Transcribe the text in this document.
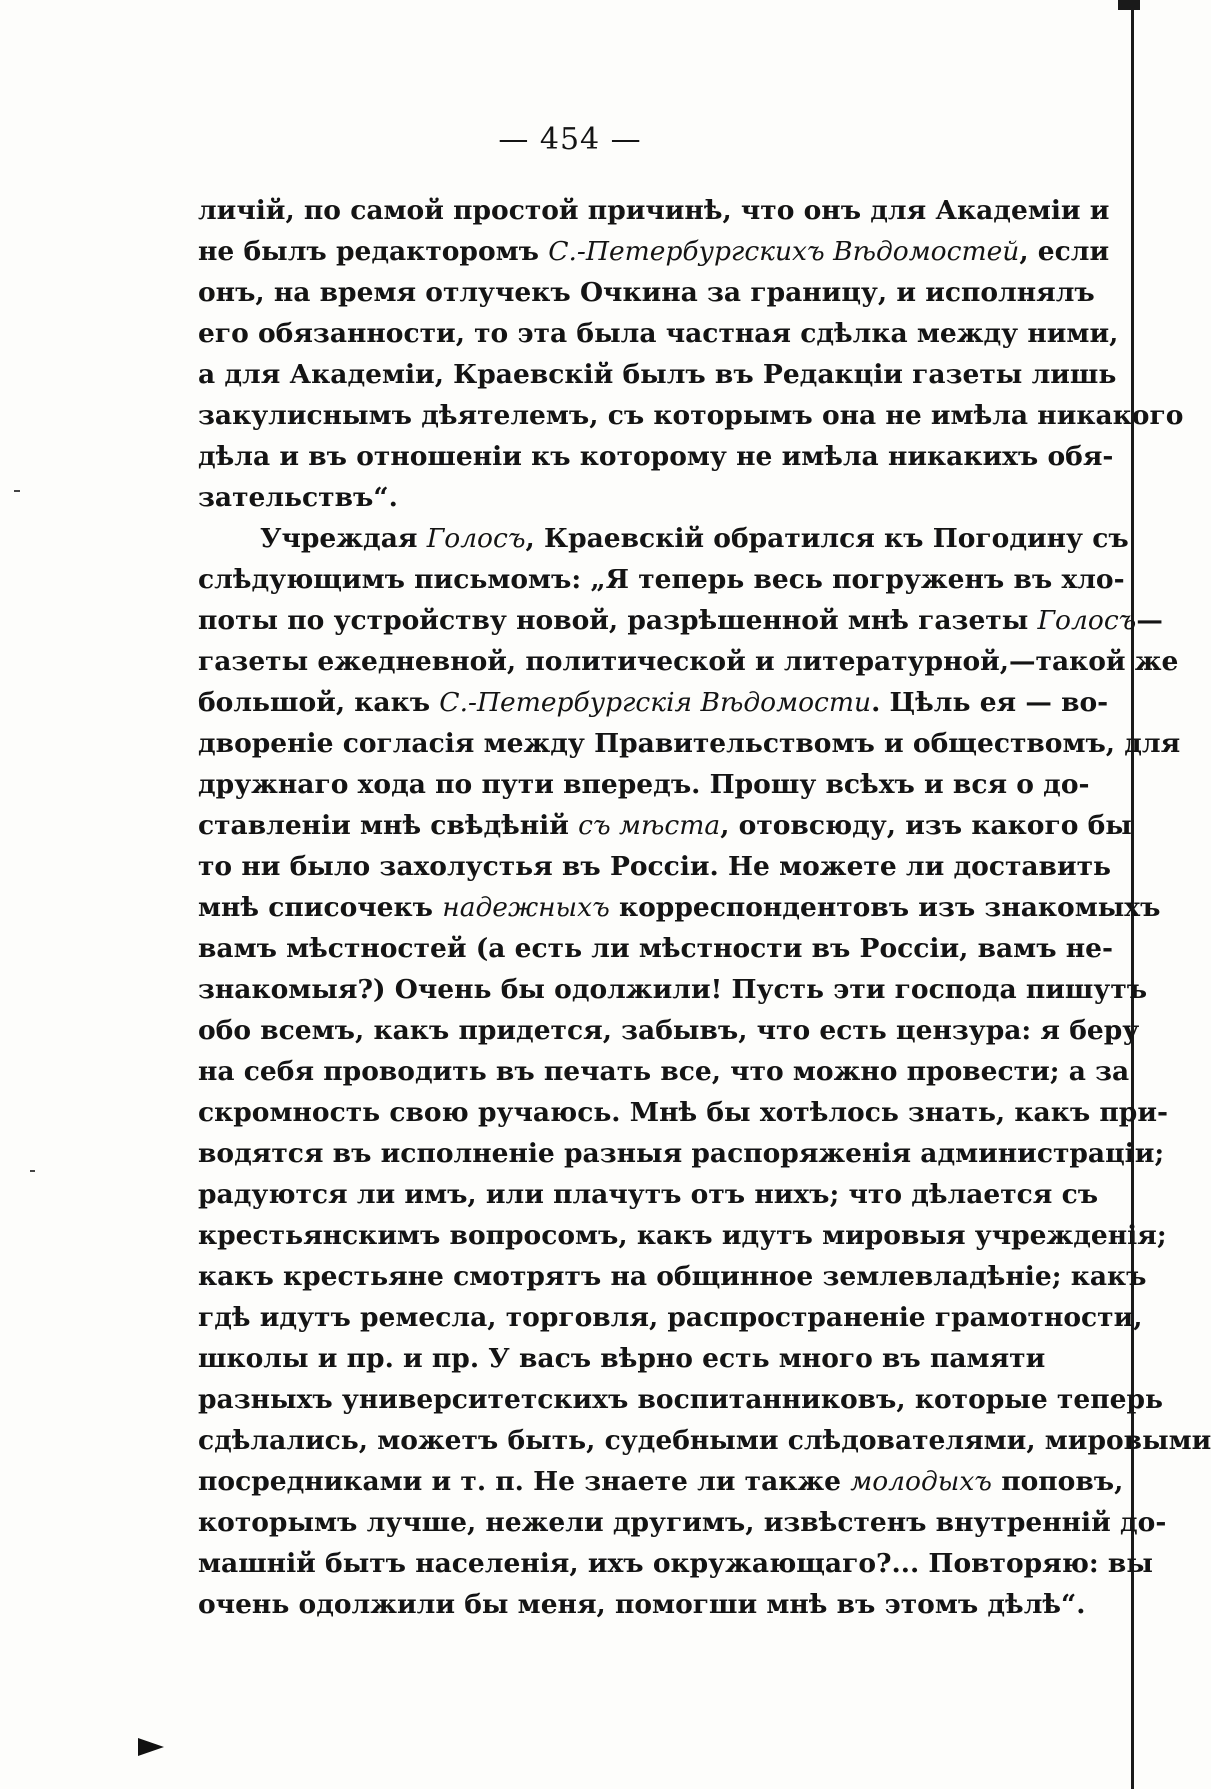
— 454 —
личій, по самой простой причинѣ, что онъ для Академіи и
не былъ редакторомъ С.-Петербургскихъ Вѣдомостей, если
онъ, на время отлучекъ Очкина за границу, и исполнялъ
его обязанности, то эта была частная сдѣлка между ними,
а для Академіи, Краевскій былъ въ Редакціи газеты лишь
закулиснымъ дѣятелемъ, съ которымъ она не имѣла никакого
дѣла и въ отношеніи къ которому не имѣла никакихъ обя-
зательствъ“.
Учреждая Голосъ, Краевскій обратился къ Погодину съ
слѣдующимъ письмомъ: „Я теперь весь погруженъ въ хло-
поты по устройству новой, разрѣшенной мнѣ газеты Голосъ—
газеты ежедневной, политической и литературной,—такой же
большой, какъ С.-Петербургскія Вѣдомости. Цѣль ея — во-
двореніе согласія между Правительствомъ и обществомъ, для
дружнаго хода по пути впередъ. Прошу всѣхъ и вся о до-
ставленіи мнѣ свѣдѣній съ мѣста, отовсюду, изъ какого бы
то ни было захолустья въ Россіи. Не можете ли доставить
мнѣ списочекъ надежныхъ корреспондентовъ изъ знакомыхъ
вамъ мѣстностей (а есть ли мѣстности въ Россіи, вамъ не-
знакомыя?) Очень бы одолжили! Пусть эти господа пишутъ
обо всемъ, какъ придется, забывъ, что есть цензура: я беру
на себя проводить въ печать все, что можно провести; а за
скромность свою ручаюсь. Мнѣ бы хотѣлось знать, какъ при-
водятся въ исполненіе разныя распоряженія администраціи;
радуются ли имъ, или плачутъ отъ нихъ; что дѣлается съ
крестьянскимъ вопросомъ, какъ идутъ мировыя учрежденія;
какъ крестьяне смотрятъ на общинное землевладѣніе; какъ
гдѣ идутъ ремесла, торговля, распространеніе грамотности,
школы и пр. и пр. У васъ вѣрно есть много въ памяти
разныхъ университетскихъ воспитанниковъ, которые теперь
сдѣлались, можетъ быть, судебными слѣдователями, мировыми
посредниками и т. п. Не знаете ли также молодыхъ поповъ,
которымъ лучше, нежели другимъ, извѣстенъ внутренній до-
машній бытъ населенія, ихъ окружающаго?... Повторяю: вы
очень одолжили бы меня, помогши мнѣ въ этомъ дѣлѣ“.
